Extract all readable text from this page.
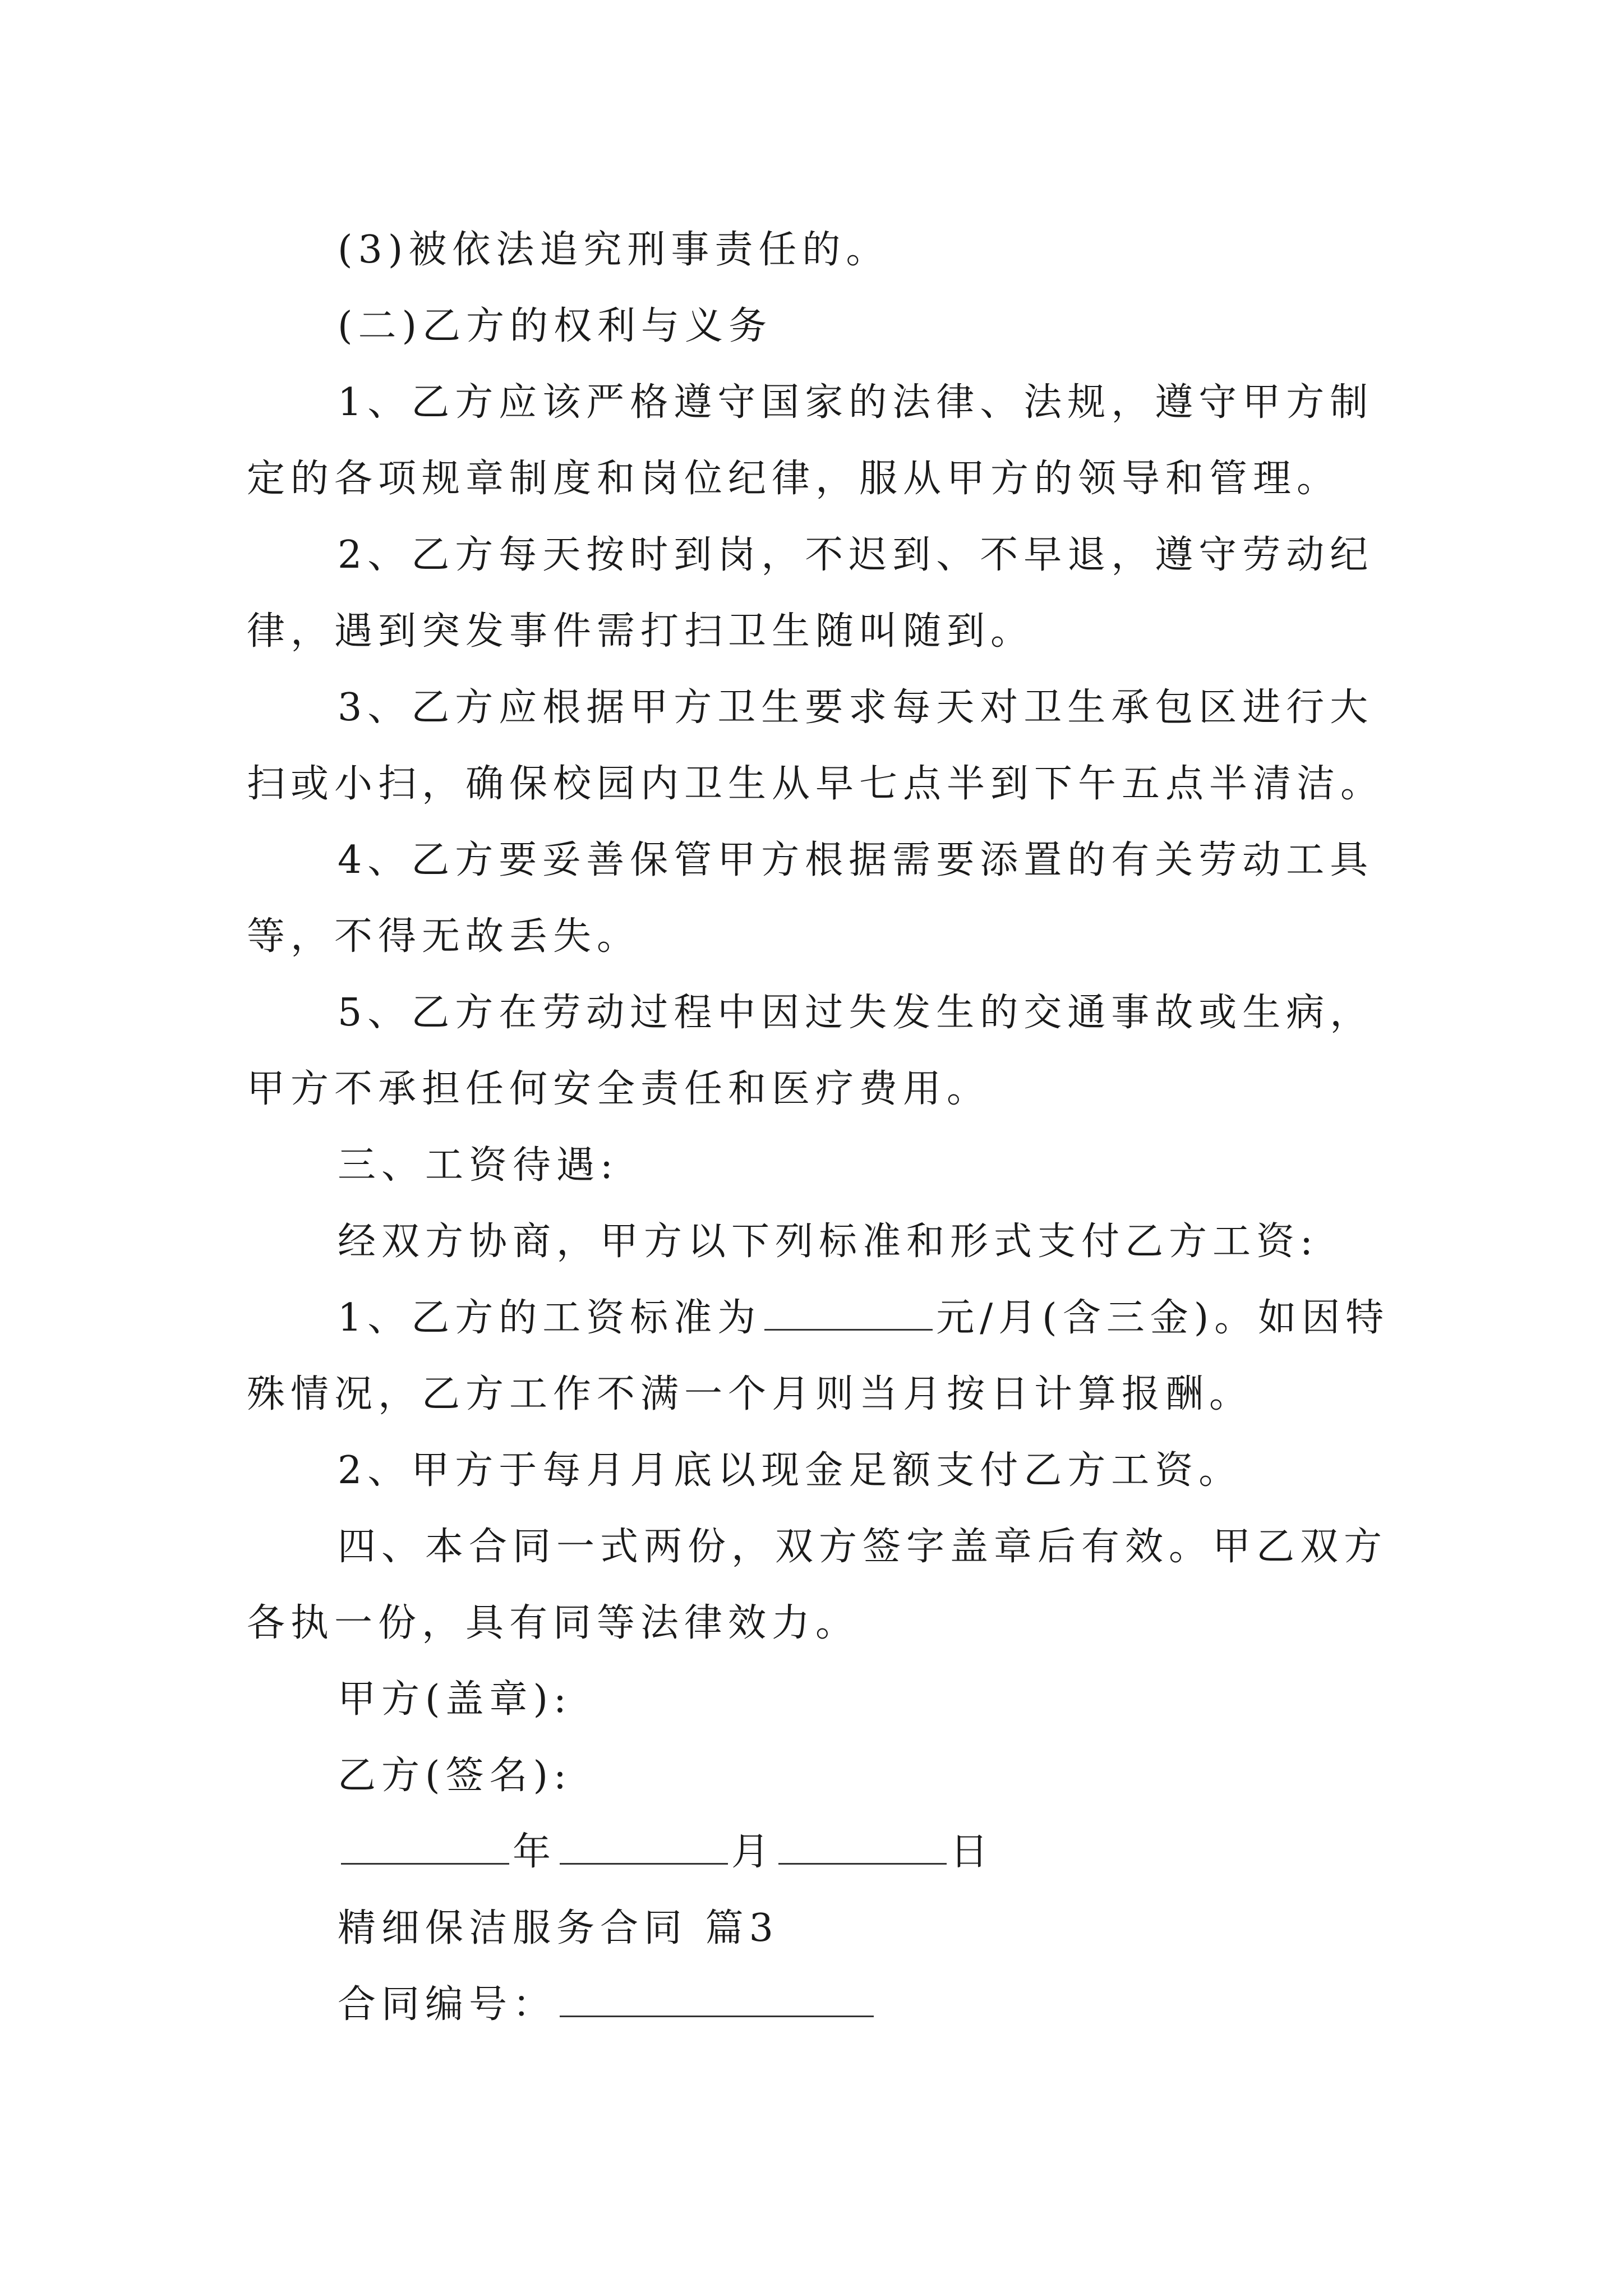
(3)被依法追究刑事责任的。

(二)乙方的权利与义务

1、乙方应该严格遵守国家的法律、法规，遵守甲方制定的各项规章制度和岗位纪律，服从甲方的领导和管理。

2、乙方每天按时到岗，不迟到、不早退，遵守劳动纪律，遇到突发事件需打扫卫生随叫随到。

3、乙方应根据甲方卫生要求每天对卫生承包区进行大扫或小扫，确保校园内卫生从早七点半到下午五点半清洁。

4、乙方要妥善保管甲方根据需要添置的有关劳动工具等，不得无故丢失。

5、乙方在劳动过程中因过失发生的交通事故或生病，甲方不承担任何安全责任和医疗费用。

三、工资待遇:

经双方协商，甲方以下列标准和形式支付乙方工资:

1、乙方的工资标准为	元/月(含三金)。如因特殊情况，乙方工作不满一个月则当月按日计算报酬。

2、甲方于每月月底以现金足额支付乙方工资。

四、本合同一式两份，双方签字盖章后有效。甲乙双方各执一份，具有同等法律效力。

甲方(盖章):

乙方(签名):

年	月	日

精细保洁服务合同 篇3

合同编号：
